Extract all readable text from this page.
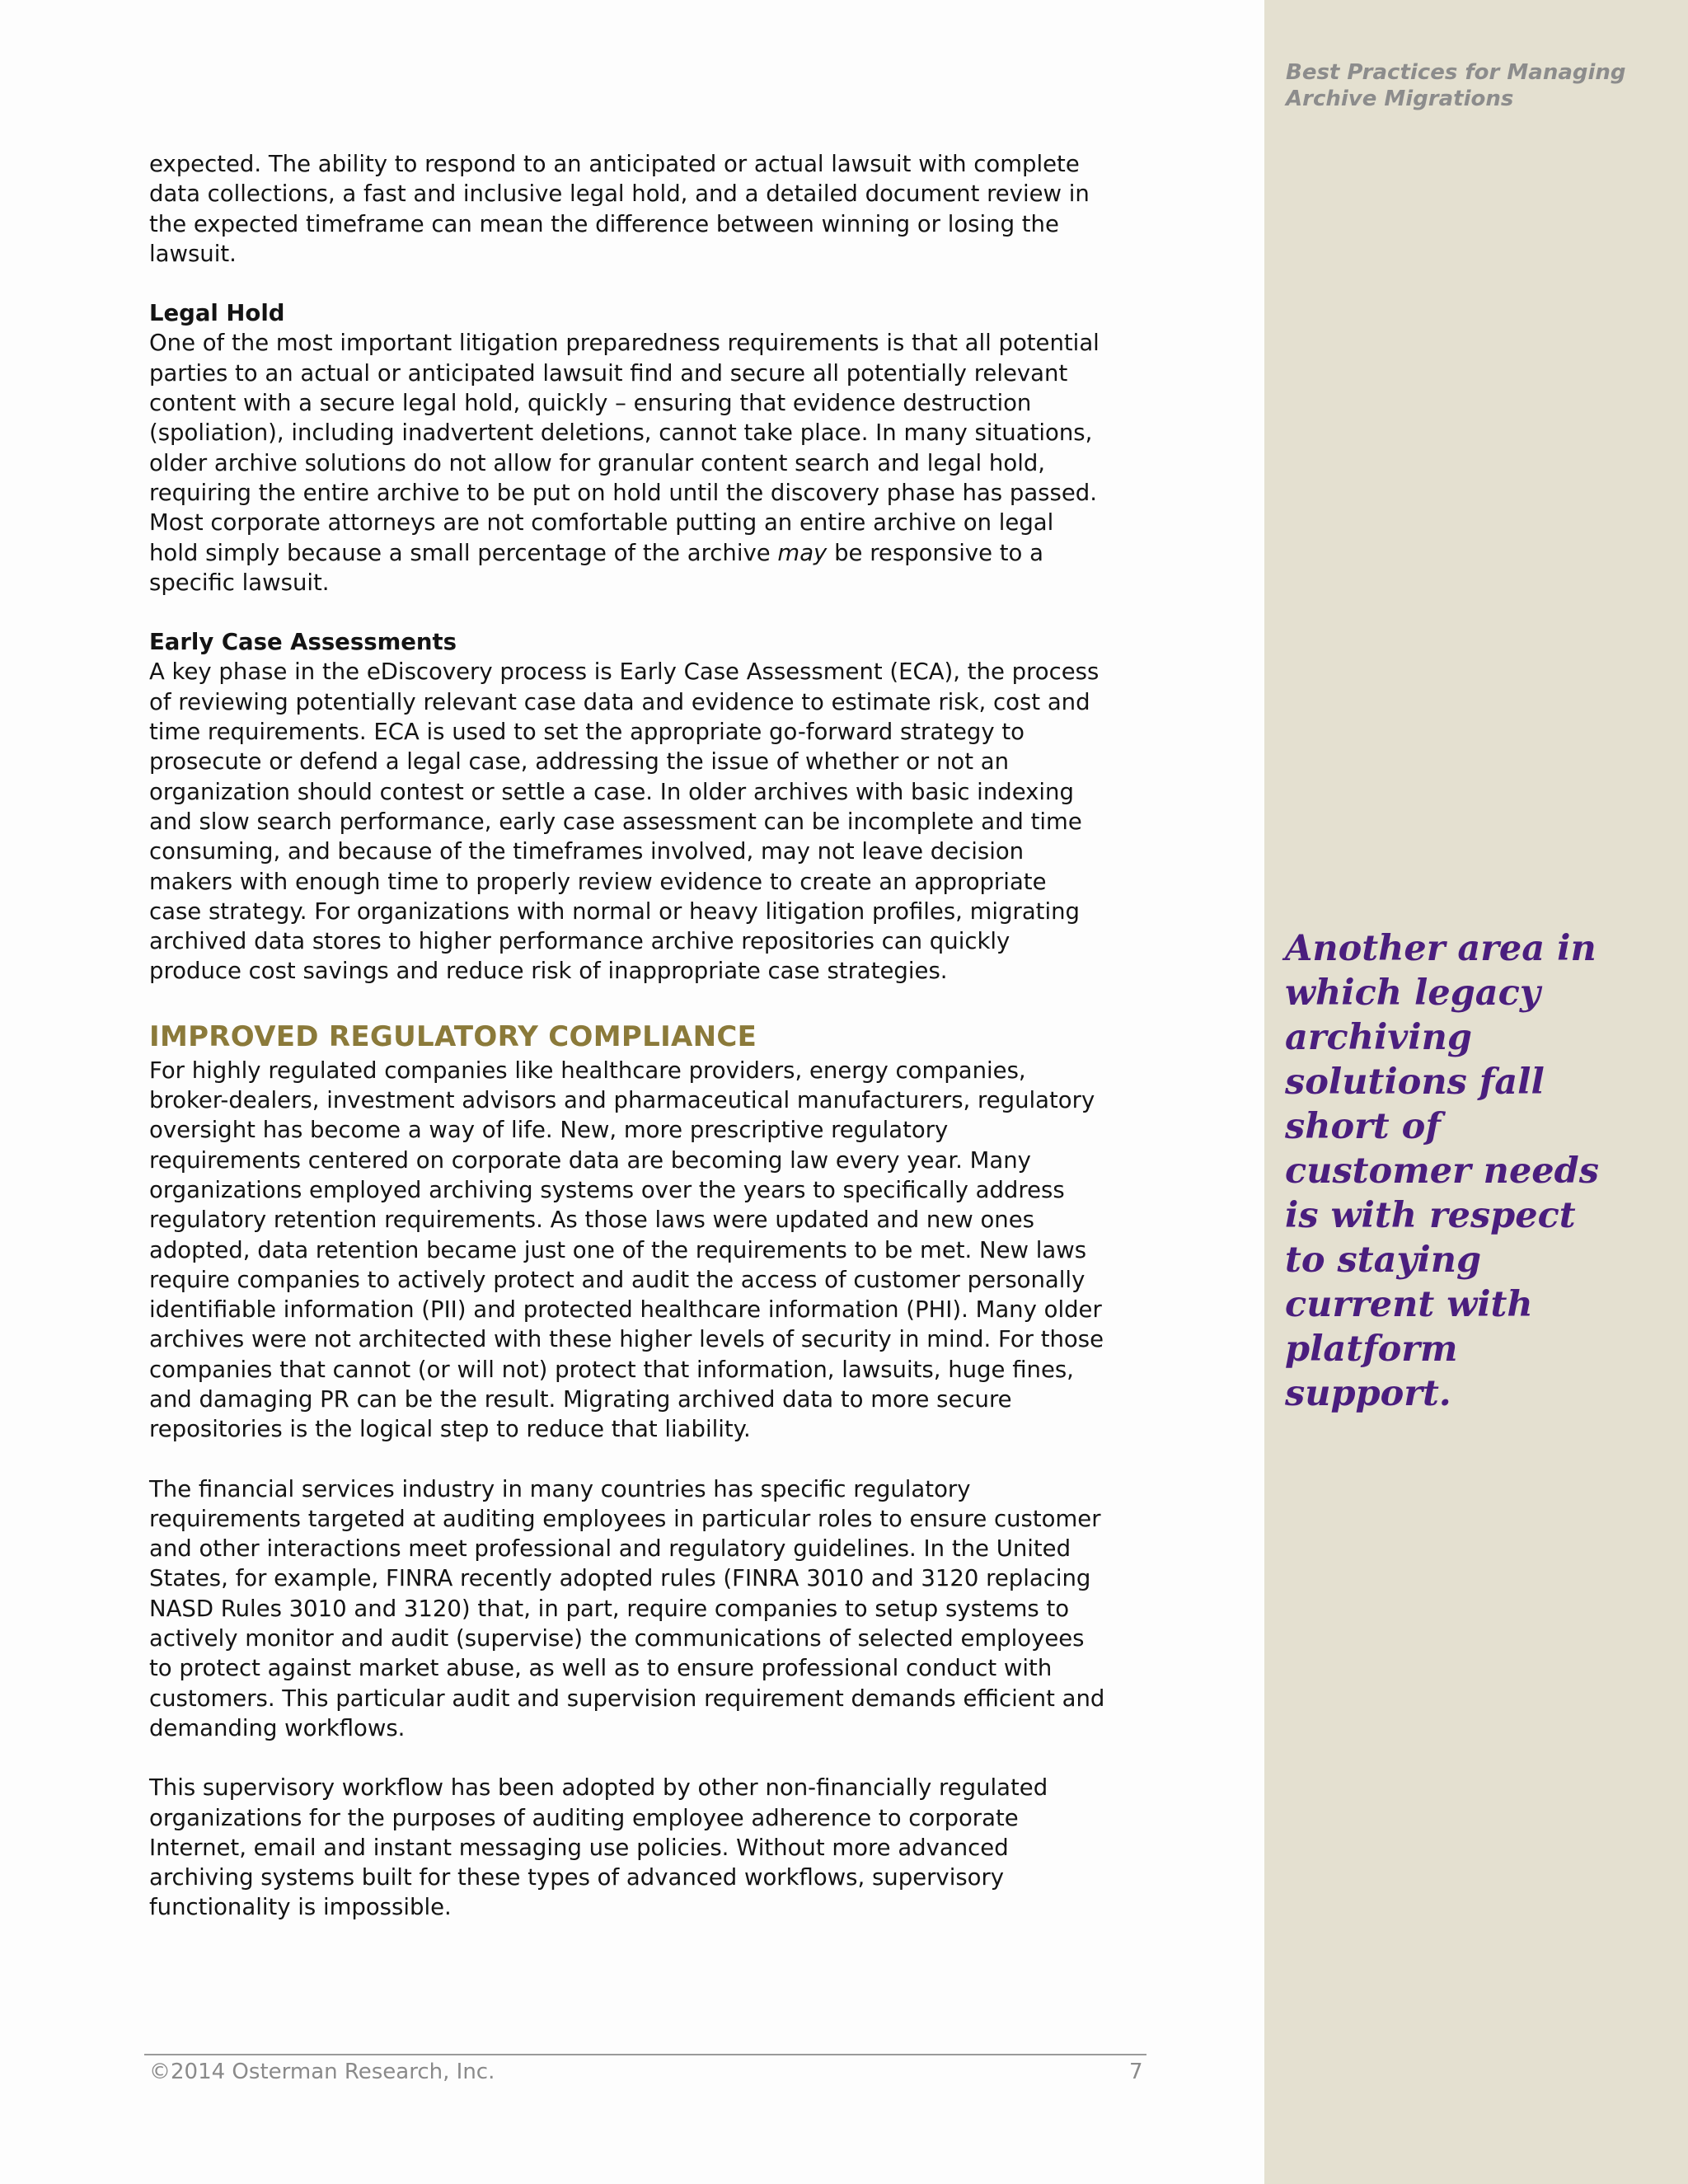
Best Practices for Managing
Archive Migrations
Another area in which legacy archiving solutions fall short of customer needs is with respect to staying current with platform support.

expected. The ability to respond to an anticipated or actual lawsuit with complete data collections, a fast and inclusive legal hold, and a detailed document review in the expected timeframe can mean the difference between winning or losing the lawsuit.

Legal Hold

One of the most important litigation preparedness requirements is that all potential parties to an actual or anticipated lawsuit find and secure all potentially relevant content with a secure legal hold, quickly – ensuring that evidence destruction (spoliation), including inadvertent deletions, cannot take place. In many situations, older archive solutions do not allow for granular content search and legal hold, requiring the entire archive to be put on hold until the discovery phase has passed. Most corporate attorneys are not comfortable putting an entire archive on legal hold simply because a small percentage of the archive may be responsive to a specific lawsuit.

Early Case Assessments

A key phase in the eDiscovery process is Early Case Assessment (ECA), the process of reviewing potentially relevant case data and evidence to estimate risk, cost and time requirements. ECA is used to set the appropriate go-forward strategy to prosecute or defend a legal case, addressing the issue of whether or not an organization should contest or settle a case. In older archives with basic indexing and slow search performance, early case assessment can be incomplete and time consuming, and because of the timeframes involved, may not leave decision makers with enough time to properly review evidence to create an appropriate case strategy. For organizations with normal or heavy litigation profiles, migrating archived data stores to higher performance archive repositories can quickly produce cost savings and reduce risk of inappropriate case strategies.

IMPROVED REGULATORY COMPLIANCE

For highly regulated companies like healthcare providers, energy companies, broker-dealers, investment advisors and pharmaceutical manufacturers, regulatory oversight has become a way of life. New, more prescriptive regulatory requirements centered on corporate data are becoming law every year. Many organizations employed archiving systems over the years to specifically address regulatory retention requirements. As those laws were updated and new ones adopted, data retention became just one of the requirements to be met. New laws require companies to actively protect and audit the access of customer personally identifiable information (PII) and protected healthcare information (PHI). Many older archives were not architected with these higher levels of security in mind. For those companies that cannot (or will not) protect that information, lawsuits, huge fines, and damaging PR can be the result. Migrating archived data to more secure repositories is the logical step to reduce that liability.

The financial services industry in many countries has specific regulatory requirements targeted at auditing employees in particular roles to ensure customer and other interactions meet professional and regulatory guidelines. In the United States, for example, FINRA recently adopted rules (FINRA 3010 and 3120 replacing NASD Rules 3010 and 3120) that, in part, require companies to setup systems to actively monitor and audit (supervise) the communications of selected employees to protect against market abuse, as well as to ensure professional conduct with customers. This particular audit and supervision requirement demands efficient and demanding workflows.

This supervisory workflow has been adopted by other non-financially regulated organizations for the purposes of auditing employee adherence to corporate Internet, email and instant messaging use policies. Without more advanced archiving systems built for these types of advanced workflows, supervisory functionality is impossible.

©2014 Osterman Research, Inc.	7
